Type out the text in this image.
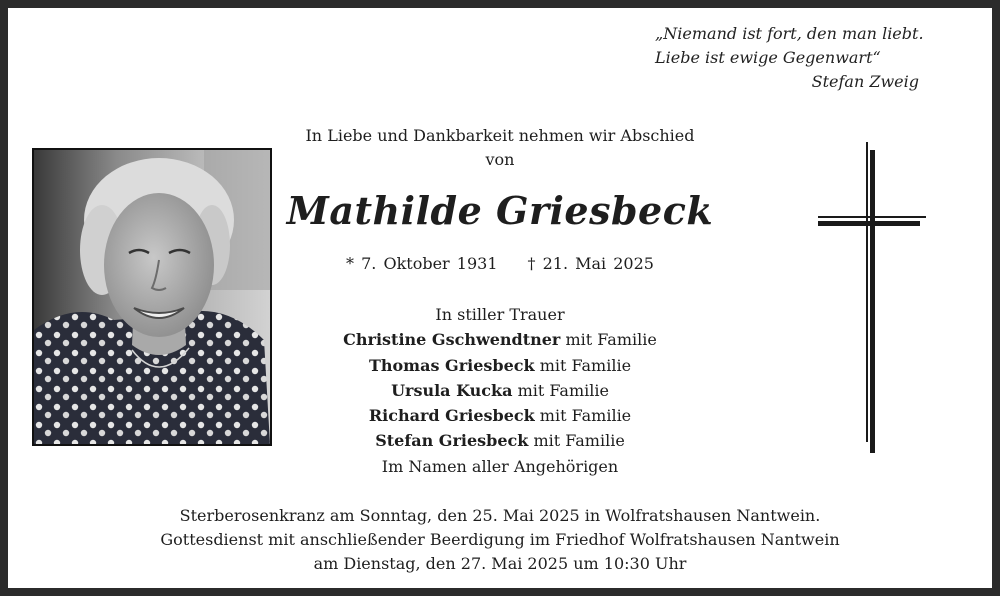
„Niemand ist fort, den man liebt.
Liebe ist ewige Gegenwart“
Stefan Zweig
In Liebe und Dankbarkeit nehmen wir Abschied
von
Mathilde Griesbeck
* 7. Oktober 1931 † 21. Mai 2025
In stiller Trauer
Christine Gschwendtner mit Familie
Thomas Griesbeck mit Familie
Ursula Kucka mit Familie
Richard Griesbeck mit Familie
Stefan Griesbeck mit Familie
Im Namen aller Angehörigen
Sterberosenkranz am Sonntag, den 25. Mai 2025 in Wolfratshausen Nantwein.
Gottesdienst mit anschließender Beerdigung im Friedhof Wolfratshausen Nantwein
am Dienstag, den 27. Mai 2025 um 10:30 Uhr
